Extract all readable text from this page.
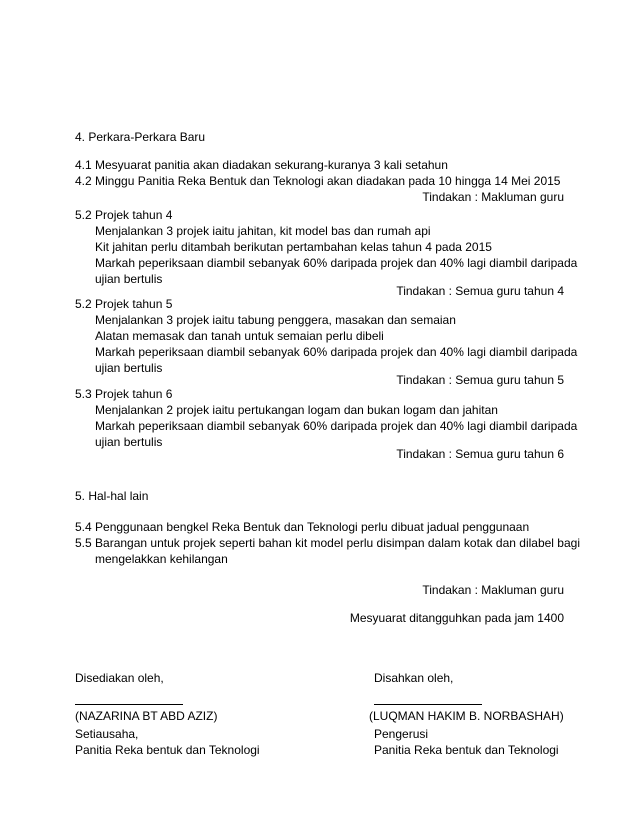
4. Perkara-Perkara Baru
4.1 Mesyuarat panitia akan diadakan sekurang-kuranya 3 kali setahun
4.2 Minggu Panitia Reka Bentuk dan Teknologi akan diadakan pada 10 hingga 14 Mei 2015
Tindakan : Makluman guru
5.2 Projek tahun 4
Menjalankan 3 projek iaitu jahitan, kit model bas dan rumah api
Kit jahitan perlu ditambah berikutan pertambahan kelas tahun 4 pada 2015
Markah peperiksaan diambil sebanyak 60% daripada projek dan 40% lagi diambil daripada
ujian bertulis
Tindakan : Semua guru tahun 4
5.2 Projek tahun 5
Menjalankan 3 projek iaitu tabung penggera, masakan dan semaian
Alatan memasak dan tanah untuk semaian perlu dibeli
Markah peperiksaan diambil sebanyak 60% daripada projek dan 40% lagi diambil daripada
ujian bertulis
Tindakan : Semua guru tahun 5
5.3 Projek tahun 6
Menjalankan 2 projek iaitu pertukangan logam dan bukan logam dan jahitan
Markah peperiksaan diambil sebanyak 60% daripada projek dan 40% lagi diambil daripada
ujian bertulis
Tindakan : Semua guru tahun 6
5. Hal-hal lain
5.4 Penggunaan bengkel Reka Bentuk dan Teknologi perlu dibuat jadual penggunaan
5.5 Barangan untuk projek seperti bahan kit model perlu disimpan dalam kotak dan dilabel bagi
mengelakkan kehilangan
Tindakan : Makluman guru
Mesyuarat ditangguhkan pada jam 1400
Disediakan oleh,	Disahkan oleh,
(NAZARINA BT ABD AZIZ)	(LUQMAN HAKIM B. NORBASHAH)
Setiausaha,	Pengerusi
Panitia Reka bentuk dan Teknologi	Panitia Reka bentuk dan Teknologi
